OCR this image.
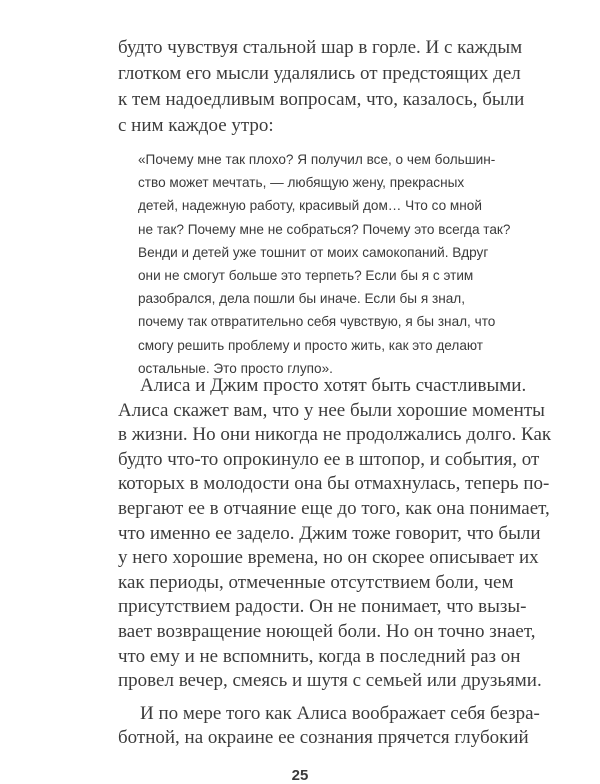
будто чувствуя стальной шар в горле. И с каждым
глотком его мысли удалялись от предстоящих дел
к тем надоедливым вопросам, что, казалось, были
с ним каждое утро:
«Почему мне так плохо? Я получил все, о чем большин-
ство может мечтать, — любящую жену, прекрасных
детей, надежную работу, красивый дом… Что со мной
не так? Почему мне не собраться? Почему это всегда так?
Венди и детей уже тошнит от моих самокопаний. Вдруг
они не смогут больше это терпеть? Если бы я с этим
разобрался, дела пошли бы иначе. Если бы я знал,
почему так отвратительно себя чувствую, я бы знал, что
смогу решить проблему и просто жить, как это делают
остальные. Это просто глупо».
Алиса и Джим просто хотят быть счастливыми.
Алиса скажет вам, что у нее были хорошие моменты
в жизни. Но они никогда не продолжались долго. Как
будто что-то опрокинуло ее в штопор, и события, от
которых в молодости она бы отмахнулась, теперь по-
вергают ее в отчаяние еще до того, как она понимает,
что именно ее задело. Джим тоже говорит, что были
у него хорошие времена, но он скорее описывает их
как периоды, отмеченные отсутствием боли, чем
присутствием радости. Он не понимает, что вызы-
вает возвращение ноющей боли. Но он точно знает,
что ему и не вспомнить, когда в последний раз он
провел вечер, смеясь и шутя с семьей или друзьями.
И по мере того как Алиса воображает себя безра-
ботной, на окраине ее сознания прячется глубокий
25
